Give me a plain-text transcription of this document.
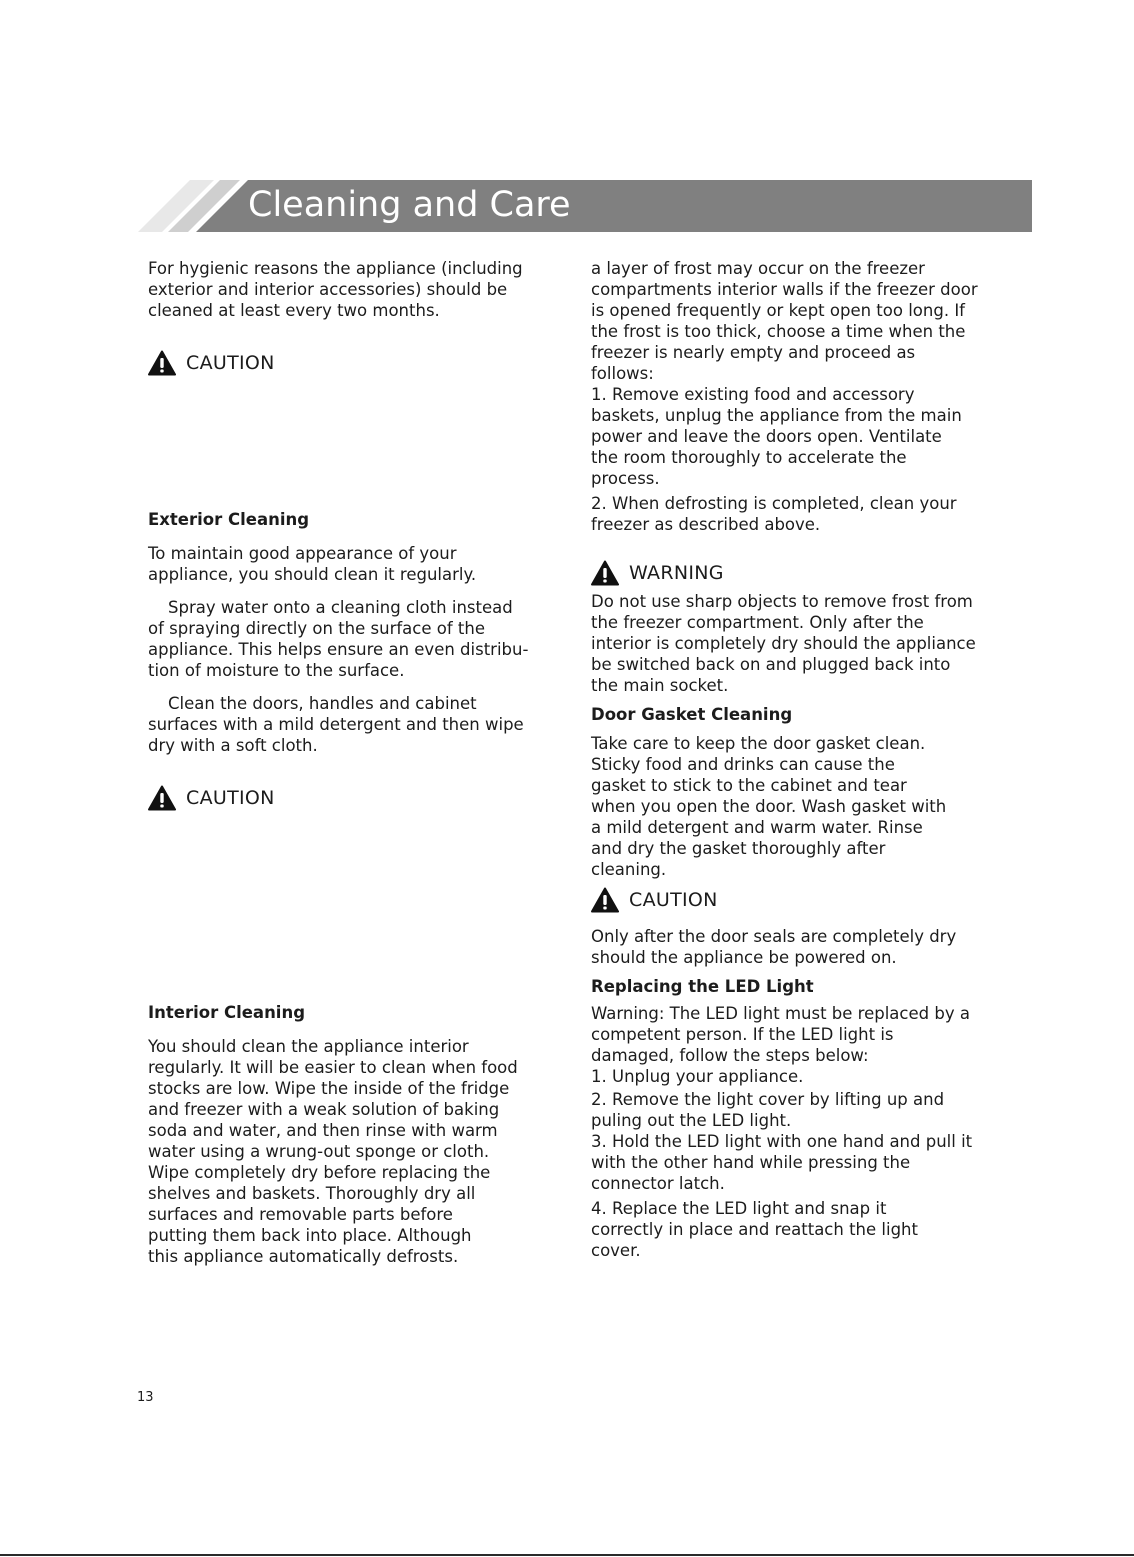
Cleaning and Care

For hygienic reasons the appliance (including
exterior and interior accessories) should be
cleaned at least every two months.

CAUTION
Exterior Cleaning

To maintain good appearance of your
appliance, you should clean it regularly.

Spray water onto a cleaning cloth instead
of spraying directly on the surface of the
appliance. This helps ensure an even distribu-
tion of moisture to the surface.

Clean the doors, handles and cabinet
surfaces with a mild detergent and then wipe
dry with a soft cloth.

CAUTION
Interior Cleaning

You should clean the appliance interior
regularly. It will be easier to clean when food
stocks are low. Wipe the inside of the fridge
and freezer with a weak solution of baking
soda and water, and then rinse with warm
water using a wrung-out sponge or cloth.
Wipe completely dry before replacing the
shelves and baskets. Thoroughly dry all
surfaces and removable parts before
putting them back into place. Although
this appliance automatically defrosts.

a layer of frost may occur on the freezer
compartments interior walls if the freezer door
is opened frequently or kept open too long. If
the frost is too thick, choose a time when the
freezer is nearly empty and proceed as
follows:

1. Remove existing food and accessory
baskets, unplug the appliance from the main
power and leave the doors open. Ventilate
the room thoroughly to accelerate the
process.

2. When defrosting is completed, clean your
freezer as described above.

WARNING

Do not use sharp objects to remove frost from
the freezer compartment. Only after the
interior is completely dry should the appliance
be switched back on and plugged back into
the main socket.

Door Gasket Cleaning

Take care to keep the door gasket clean.
Sticky food and drinks can cause the
gasket to stick to the cabinet and tear
when you open the door. Wash gasket with
a mild detergent and warm water. Rinse
and dry the gasket thoroughly after
cleaning.

CAUTION

Only after the door seals are completely dry
should the appliance be powered on.

Replacing the LED Light

Warning: The LED light must be replaced by a
competent person. If the LED light is
damaged, follow the steps below:

1. Unplug your appliance.

2. Remove the light cover by lifting up and
puling out the LED light.

3. Hold the LED light with one hand and pull it
with the other hand while pressing the
connector latch.

4. Replace the LED light and snap it
correctly in place and reattach the light
cover.

13
